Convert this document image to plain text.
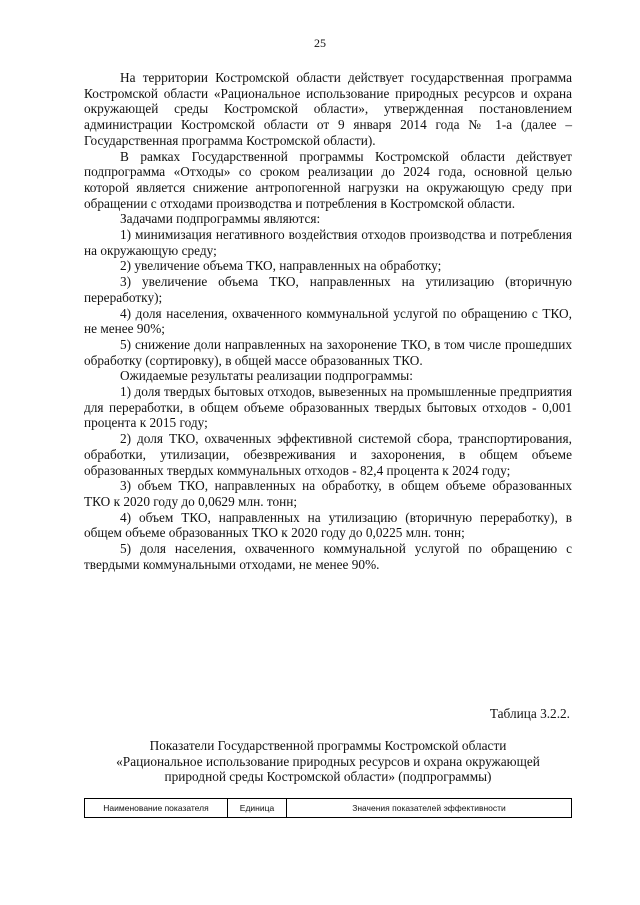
25

На территории Костромской области действует государственная программа Костромской области «Рациональное использование природных ресурсов и охрана окружающей среды Костромской области», утвержденная постановлением администрации Костромской области от 9 января 2014 года № 1-а (далее – Государственная программа Костромской области).

В рамках Государственной программы Костромской области действует подпрограмма «Отходы» со сроком реализации до 2024 года, основной целью которой является снижение антропогенной нагрузки на окружающую среду при обращении с отходами производства и потребления в Костромской области.

Задачами подпрограммы являются:

1) минимизация негативного воздействия отходов производства и потребления на окружающую среду;

2) увеличение объема ТКО, направленных на обработку;

3) увеличение объема ТКО, направленных на утилизацию (вторичную переработку);

4) доля населения, охваченного коммунальной услугой по обращению с ТКО, не менее 90%;

5) снижение доли направленных на захоронение ТКО, в том числе прошедших обработку (сортировку), в общей массе образованных ТКО.

Ожидаемые результаты реализации подпрограммы:

1) доля твердых бытовых отходов, вывезенных на промышленные предприятия для переработки, в общем объеме образованных твердых бытовых отходов - 0,001 процента к 2015 году;

2) доля ТКО, охваченных эффективной системой сбора, транспортирования, обработки, утилизации, обезвреживания и захоронения, в общем объеме образованных твердых коммунальных отходов - 82,4 процента к 2024 году;

3) объем ТКО, направленных на обработку, в общем объеме образованных ТКО к 2020 году до 0,0629 млн. тонн;

4) объем ТКО, направленных на утилизацию (вторичную переработку), в общем объеме образованных ТКО к 2020 году до 0,0225 млн. тонн;

5) доля населения, охваченного коммунальной услугой по обращению с твердыми коммунальными отходами, не менее 90%.

Таблица 3.2.2.
Показатели Государственной программы Костромской области
«Рациональное использование природных ресурсов и охрана окружающей
природной среды Костромской области» (подпрограммы)
Наименование показателя	Единица	Значения показателей эффективности
